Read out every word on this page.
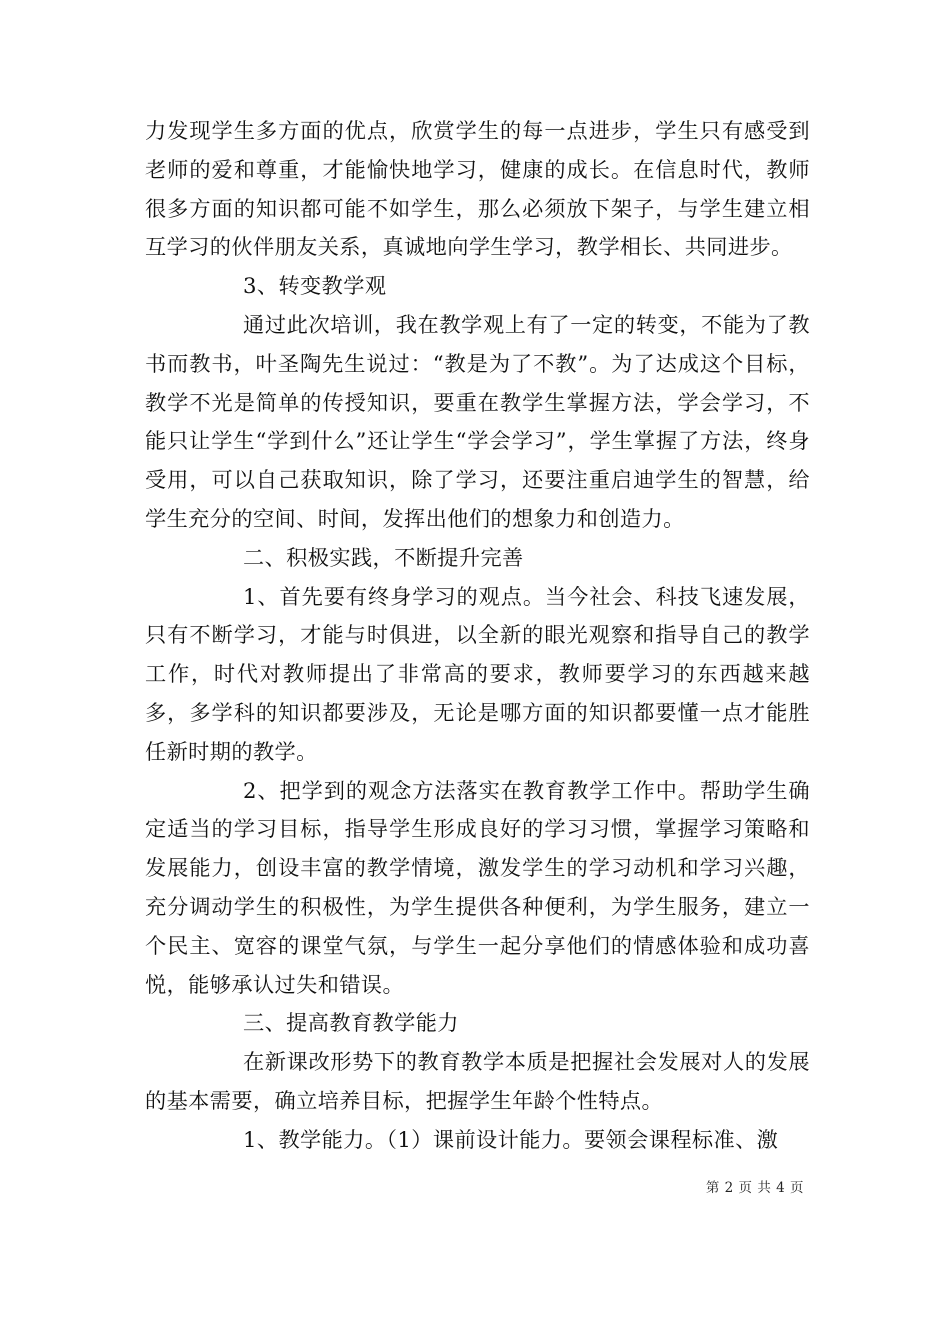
力发现学生多方面的优点，欣赏学生的每一点进步，学生只有感受到老师的爱和尊重，才能愉快地学习，健康的成长。在信息时代，教师很多方面的知识都可能不如学生，那么必须放下架子，与学生建立相互学习的伙伴朋友关系，真诚地向学生学习，教学相长、共同进步。

3、转变教学观

通过此次培训，我在教学观上有了一定的转变，不能为了教书而教书，叶圣陶先生说过：“教是为了不教”。为了达成这个目标，教学不光是简单的传授知识，要重在教学生掌握方法，学会学习，不能只让学生“学到什么”还让学生“学会学习”，学生掌握了方法，终身受用，可以自己获取知识，除了学习，还要注重启迪学生的智慧，给学生充分的空间、时间，发挥出他们的想象力和创造力。

二、积极实践，不断提升完善

1、首先要有终身学习的观点。当今社会、科技飞速发展，只有不断学习，才能与时俱进，以全新的眼光观察和指导自己的教学工作，时代对教师提出了非常高的要求，教师要学习的东西越来越多，多学科的知识都要涉及，无论是哪方面的知识都要懂一点才能胜任新时期的教学。

2、把学到的观念方法落实在教育教学工作中。帮助学生确定适当的学习目标，指导学生形成良好的学习习惯，掌握学习策略和发展能力，创设丰富的教学情境，激发学生的学习动机和学习兴趣，充分调动学生的积极性，为学生提供各种便利，为学生服务，建立一个民主、宽容的课堂气氛，与学生一起分享他们的情感体验和成功喜悦，能够承认过失和错误。

三、提高教育教学能力

在新课改形势下的教育教学本质是把握社会发展对人的发展的基本需要，确立培养目标，把握学生年龄个性特点。

1、教学能力。（1）课前设计能力。要领会课程标准、激

第 2 页 共 4 页
